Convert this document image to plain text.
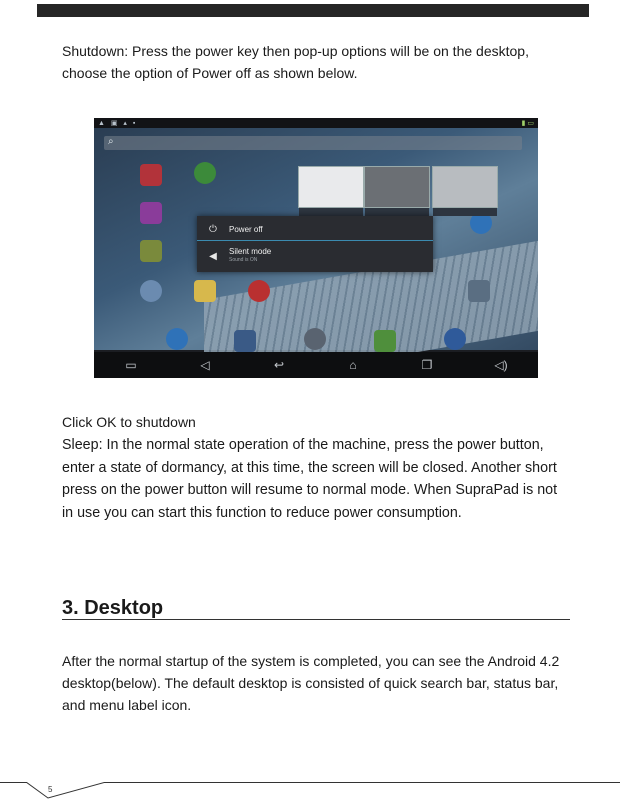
Shutdown: Press the power key then pop-up options will be on the desktop, choose the option of Power off as shown below.

▲ ▣ ▴ ▪	▮ ▭
⌕
⏻	Power off
◀	Silent mode
Sound is ON
▭	◁	↩	⌂	❐	◁)

Click OK to shutdown

Sleep: In the normal state operation of the machine, press the power button, enter a state of dormancy, at this time, the screen will be closed. Another short press on the power button will resume to normal mode. When SupraPad is not in use you can start this function to reduce power consumption.

3. Desktop

After the normal startup of the system is completed, you can see the Android 4.2 desktop(below). The default desktop is consisted of quick search bar, status bar, and menu label icon.

5
